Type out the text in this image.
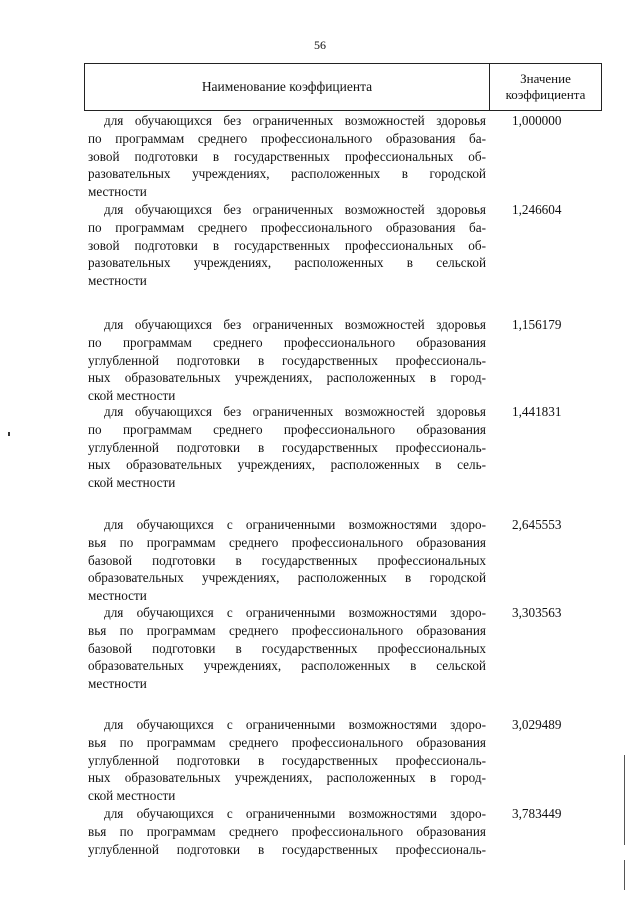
56
Наименование коэффициента
Значение
коэффициента
для обучающихся без ограниченных возможностей здоровья
по программам среднего профессионального образования ба-
зовой подготовки в государственных профессиональных об-
разовательных учреждениях, расположенных в городской
местности
1,000000
для обучающихся без ограниченных возможностей здоровья
по программам среднего профессионального образования ба-
зовой подготовки в государственных профессиональных об-
разовательных учреждениях, расположенных в сельской
местности
1,246604
для обучающихся без ограниченных возможностей здоровья
по программам среднего профессионального образования
углубленной подготовки в государственных профессиональ-
ных образовательных учреждениях, расположенных в город-
ской местности
1,156179
для обучающихся без ограниченных возможностей здоровья
по программам среднего профессионального образования
углубленной подготовки в государственных профессиональ-
ных образовательных учреждениях, расположенных в сель-
ской местности
1,441831
для обучающихся с ограниченными возможностями здоро-
вья по программам среднего профессионального образования
базовой подготовки в государственных профессиональных
образовательных учреждениях, расположенных в городской
местности
2,645553
для обучающихся с ограниченными возможностями здоро-
вья по программам среднего профессионального образования
базовой подготовки в государственных профессиональных
образовательных учреждениях, расположенных в сельской
местности
3,303563
для обучающихся с ограниченными возможностями здоро-
вья по программам среднего профессионального образования
углубленной подготовки в государственных профессиональ-
ных образовательных учреждениях, расположенных в город-
ской местности
3,029489
для обучающихся с ограниченными возможностями здоро-
вья по программам среднего профессионального образования
углубленной подготовки в государственных профессиональ-
3,783449
